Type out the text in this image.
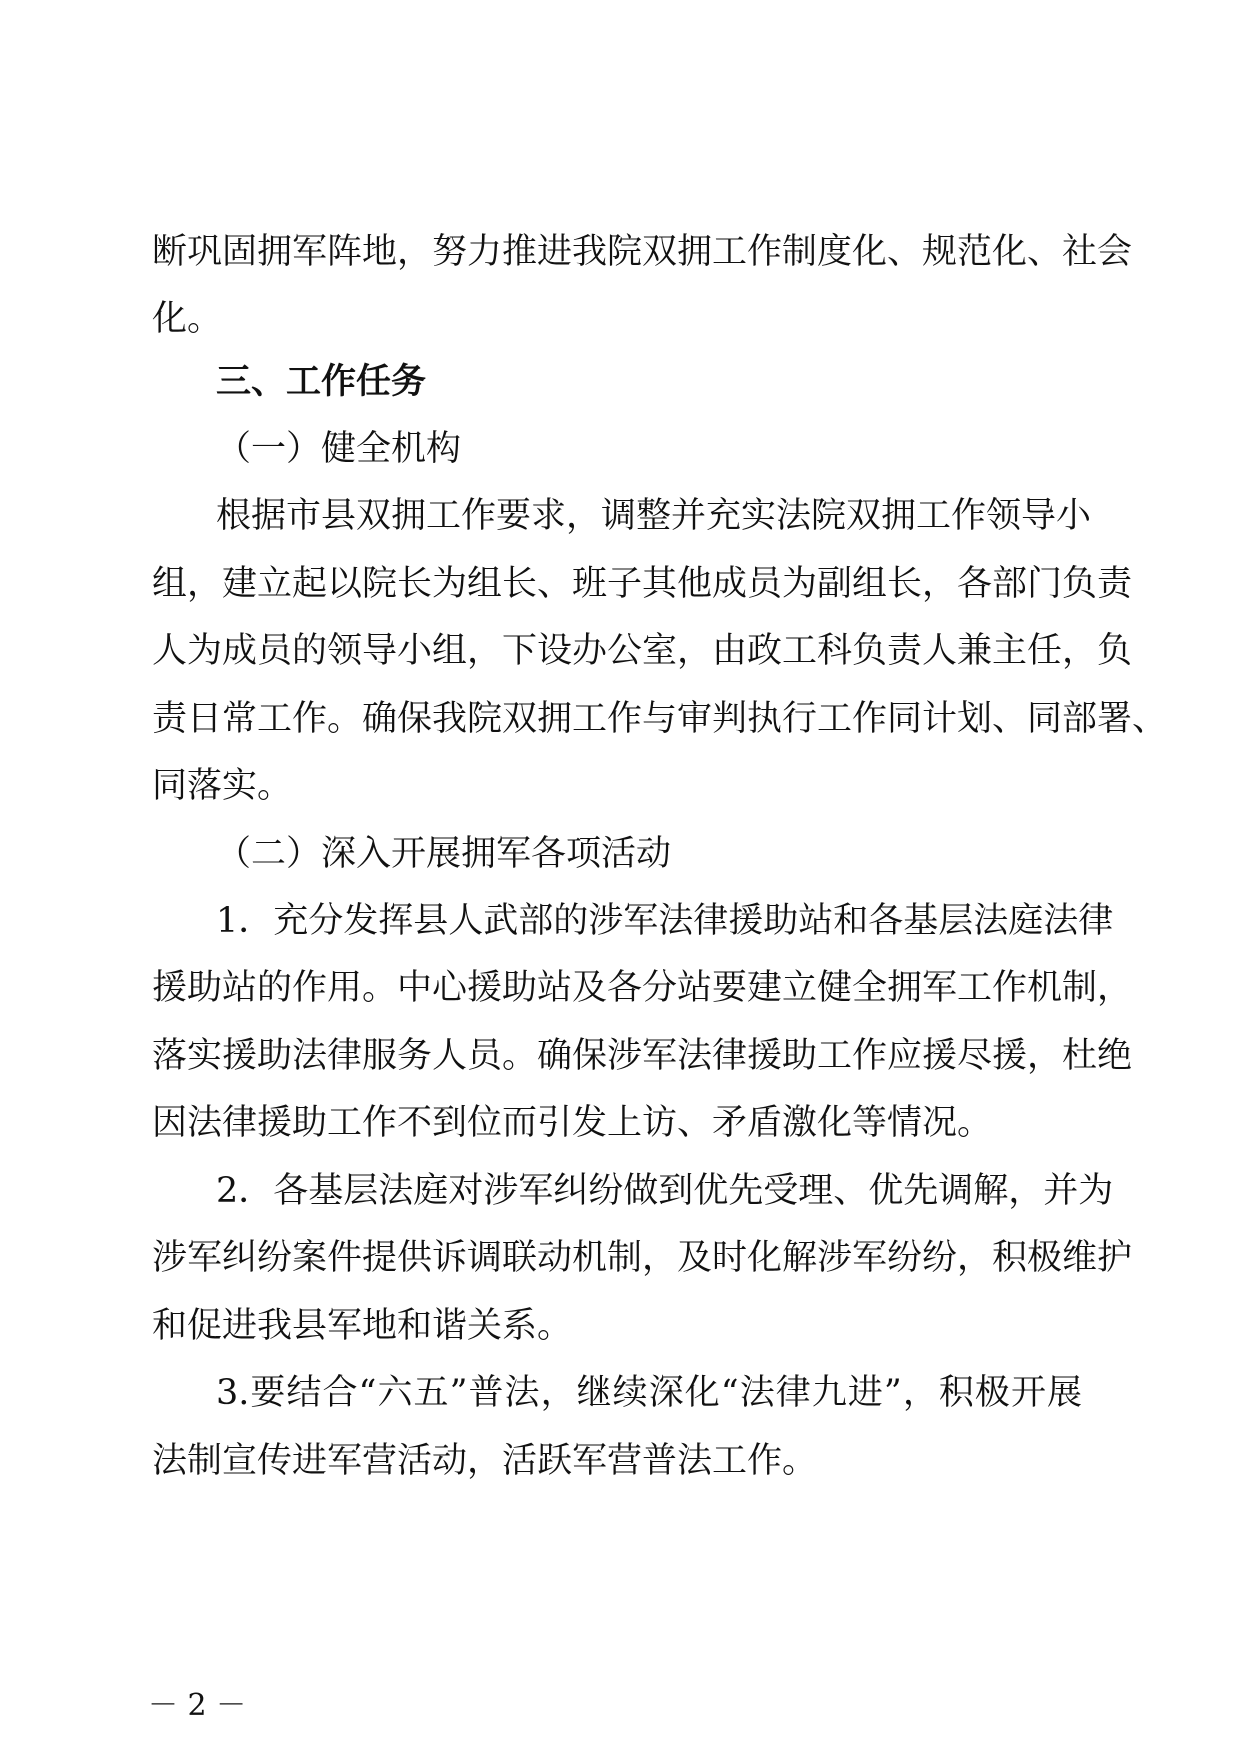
断巩固拥军阵地，努力推进我院双拥工作制度化、规范化、社会
化。
三、工作任务
（一）健全机构
根据市县双拥工作要求，调整并充实法院双拥工作领导小
组，建立起以院长为组长、班子其他成员为副组长，各部门负责
人为成员的领导小组，下设办公室，由政工科负责人兼主任，负
责日常工作。确保我院双拥工作与审判执行工作同计划、同部署、
同落实。
（二）深入开展拥军各项活动
1．充分发挥县人武部的涉军法律援助站和各基层法庭法律
援助站的作用。中心援助站及各分站要建立健全拥军工作机制，
落实援助法律服务人员。确保涉军法律援助工作应援尽援，杜绝
因法律援助工作不到位而引发上访、矛盾激化等情况。
2．各基层法庭对涉军纠纷做到优先受理、优先调解，并为
涉军纠纷案件提供诉调联动机制，及时化解涉军纷纷，积极维护
和促进我县军地和谐关系。
3.要结合“六五”普法，继续深化“法律九进”，积极开展
法制宣传进军营活动，活跃军营普法工作。
－ 2 －
